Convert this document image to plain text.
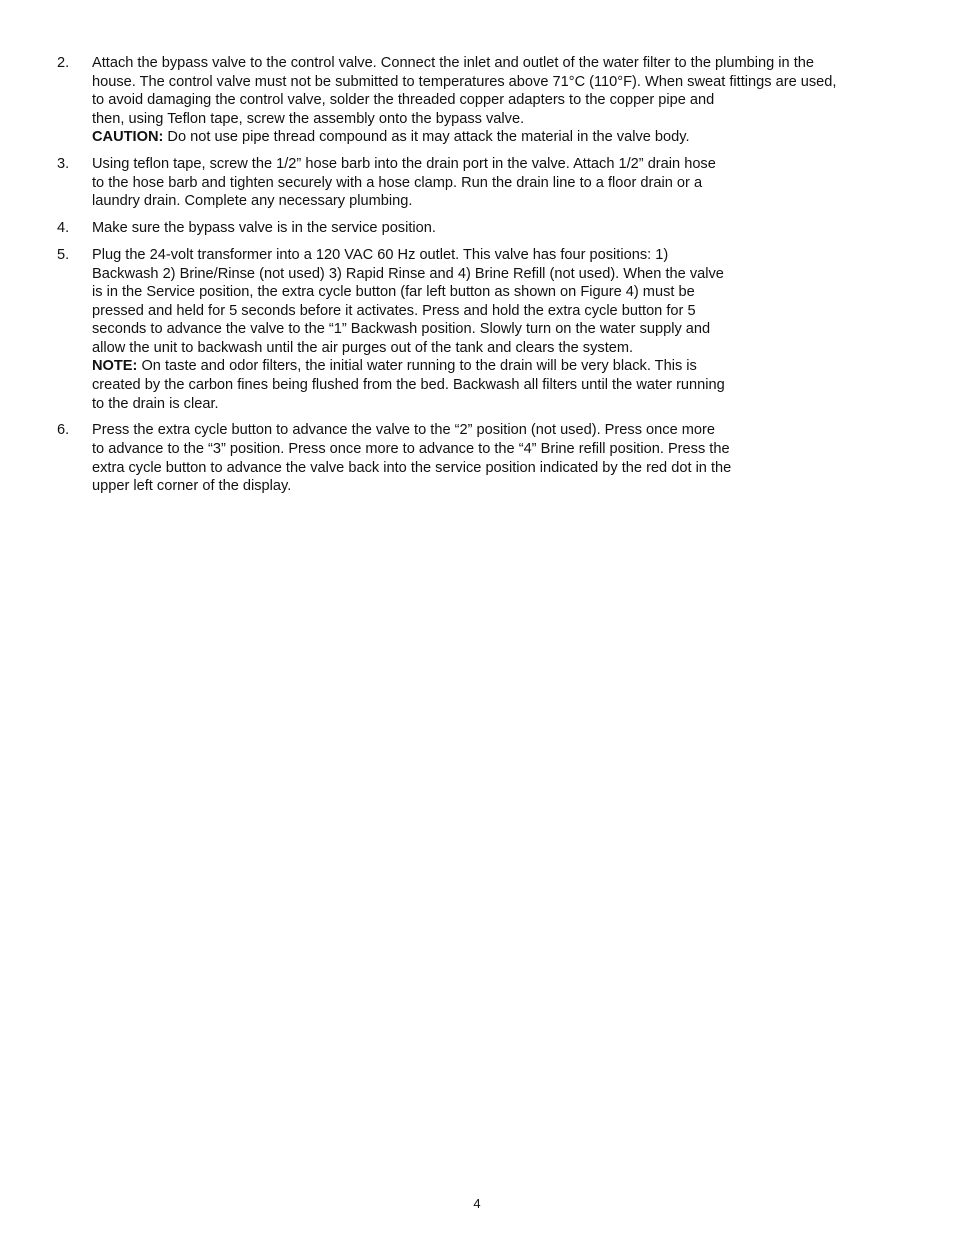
2. Attach the bypass valve to the control valve. Connect the inlet and outlet of the water filter to the plumbing in the
house. The control valve must not be submitted to temperatures above 71°C (110°F). When sweat fittings are used,
to avoid damaging the control valve, solder the threaded copper adapters to the copper pipe and
then, using Teflon tape, screw the assembly onto the bypass valve.
CAUTION: Do not use pipe thread compound as it may attack the material in the valve body.
3. Using teflon tape, screw the 1/2” hose barb into the drain port in the valve. Attach 1/2” drain hose
to the hose barb and tighten securely with a hose clamp. Run the drain line to a floor drain or a
laundry drain. Complete any necessary plumbing.
4. Make sure the bypass valve is in the service position.
5. Plug the 24-volt transformer into a 120 VAC 60 Hz outlet. This valve has four positions: 1)
Backwash 2) Brine/Rinse (not used) 3) Rapid Rinse and 4) Brine Refill (not used). When the valve
is in the Service position, the extra cycle button (far left button as shown on Figure 4) must be
pressed and held for 5 seconds before it activates. Press and hold the extra cycle button for 5
seconds to advance the valve to the “1” Backwash position. Slowly turn on the water supply and
allow the unit to backwash until the air purges out of the tank and clears the system.
NOTE: On taste and odor filters, the initial water running to the drain will be very black. This is
created by the carbon fines being flushed from the bed. Backwash all filters until the water running
to the drain is clear.
6. Press the extra cycle button to advance the valve to the “2” position (not used). Press once more
to advance to the “3” position. Press once more to advance to the “4” Brine refill position. Press the
extra cycle button to advance the valve back into the service position indicated by the red dot in the
upper left corner of the display.
4
